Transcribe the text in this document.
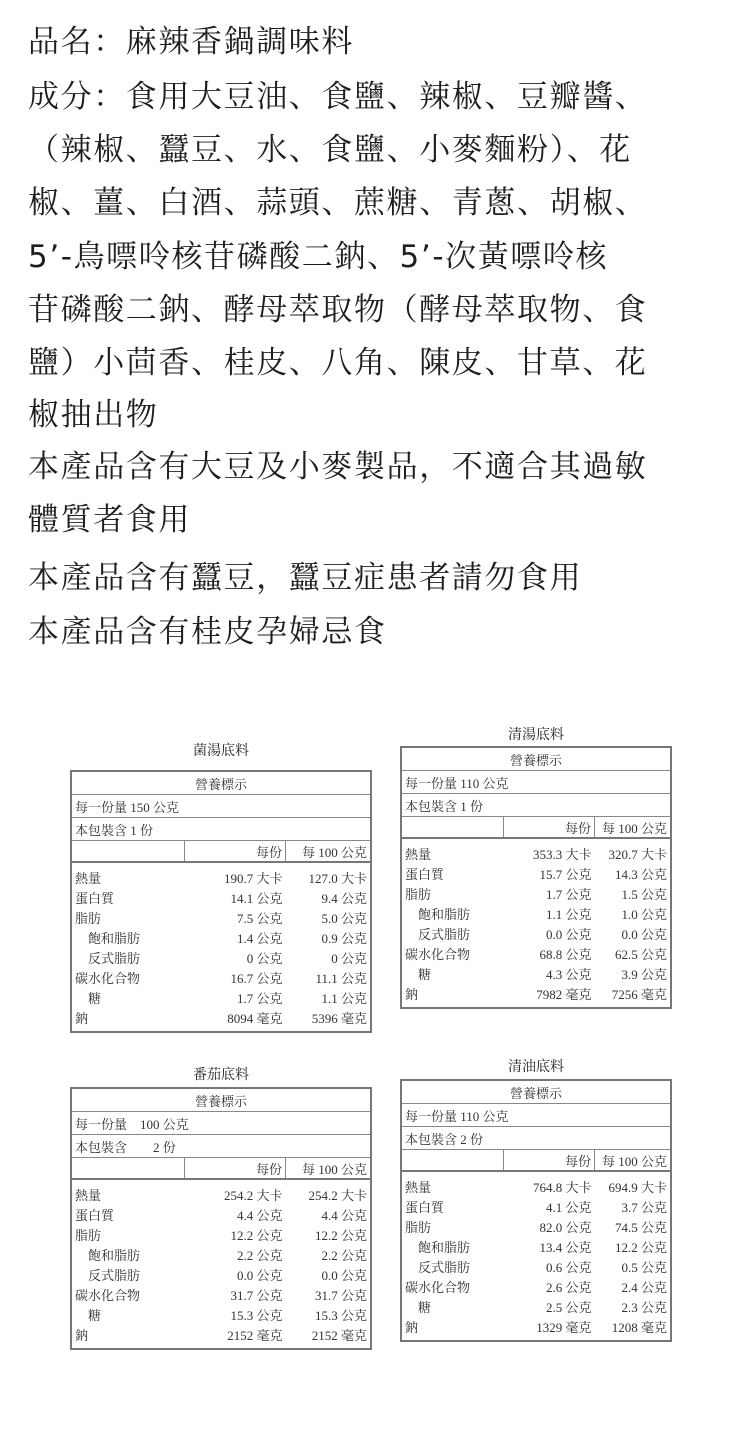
品名：麻辣香鍋調味料
成分：食用大豆油、食鹽、辣椒、豆瓣醬、
（辣椒、蠶豆、水、食鹽、小麥麵粉）、花
椒、薑、白酒、蒜頭、蔗糖、青蔥、胡椒、
5’-鳥嘌呤核苷磷酸二鈉、5’-次黃嘌呤核
苷磷酸二鈉、酵母萃取物（酵母萃取物、食
鹽）小茴香、桂皮、八角、陳皮、甘草、花
椒抽出物
本產品含有大豆及小麥製品，不適合其過敏
體質者食用
本產品含有蠶豆，蠶豆症患者請勿食用
本產品含有桂皮孕婦忌食
菌湯底料
營養標示		
每一份量 150 公克		
本包裝含 1 份		
	每份	每 100 公克
熱量	190.7 大卡	127.0 大卡
蛋白質	14.1 公克	9.4 公克
脂肪	7.5 公克	5.0 公克
飽和脂肪	1.4 公克	0.9 公克
反式脂肪	0 公克	0 公克
碳水化合物	16.7 公克	11.1 公克
糖	1.7 公克	1.1 公克
鈉	8094 毫克	5396 毫克
清湯底料
營養標示		
每一份量 110 公克		
本包裝含 1 份		
	每份	每 100 公克
熱量	353.3 大卡	320.7 大卡
蛋白質	15.7 公克	14.3 公克
脂肪	1.7 公克	1.5 公克
飽和脂肪	1.1 公克	1.0 公克
反式脂肪	0.0 公克	0.0 公克
碳水化合物	68.8 公克	62.5 公克
糖	4.3 公克	3.9 公克
鈉	7982 毫克	7256 毫克
番茄底料
營養標示		
每一份量　100 公克		
本包裝含　　2 份		
	每份	每 100 公克
熱量	254.2 大卡	254.2 大卡
蛋白質	4.4 公克	4.4 公克
脂肪	12.2 公克	12.2 公克
飽和脂肪	2.2 公克	2.2 公克
反式脂肪	0.0 公克	0.0 公克
碳水化合物	31.7 公克	31.7 公克
糖	15.3 公克	15.3 公克
鈉	2152 毫克	2152 毫克
清油底料
營養標示		
每一份量 110 公克		
本包裝含 2 份		
	每份	每 100 公克
熱量	764.8 大卡	694.9 大卡
蛋白質	4.1 公克	3.7 公克
脂肪	82.0 公克	74.5 公克
飽和脂肪	13.4 公克	12.2 公克
反式脂肪	0.6 公克	0.5 公克
碳水化合物	2.6 公克	2.4 公克
糖	2.5 公克	2.3 公克
鈉	1329 毫克	1208 毫克
